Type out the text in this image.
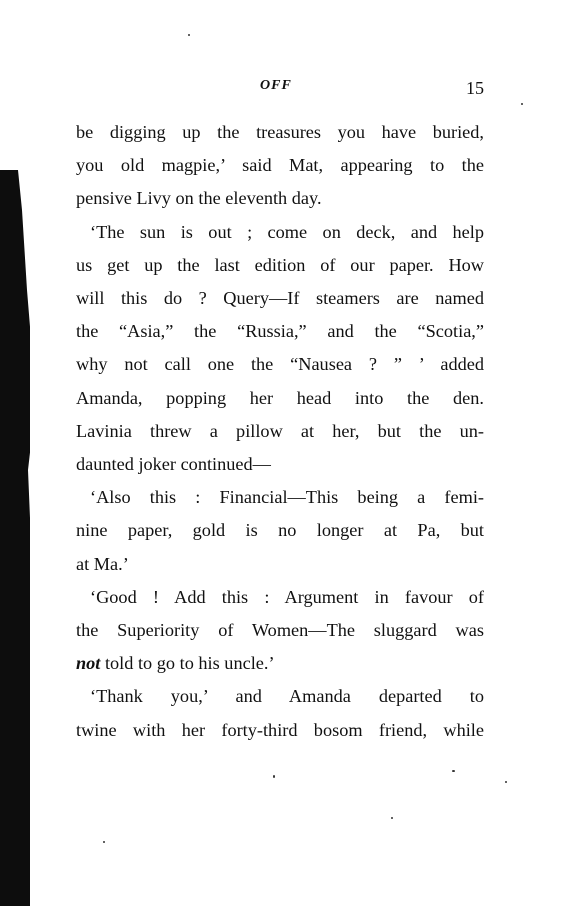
OFF	15

be digging up the treasures you have buried,
you old magpie,’ said Mat, appearing to the
pensive Livy on the eleventh day.

‘The sun is out ; come on deck, and help
us get up the last edition of our paper. How
will this do ? Query—If steamers are named
the “Asia,” the “Russia,” and the “Scotia,”
why not call one the “Nausea ? ” ’ added
Amanda, popping her head into the den.
Lavinia threw a pillow at her, but the un-
daunted joker continued—

‘Also this : Financial—This being a femi-
nine paper, gold is no longer at Pa, but
at Ma.’

‘Good ! Add this : Argument in favour of
the Superiority of Women—The sluggard was
not told to go to his uncle.’

‘Thank you,’ and Amanda departed to
twine with her forty-third bosom friend, while
